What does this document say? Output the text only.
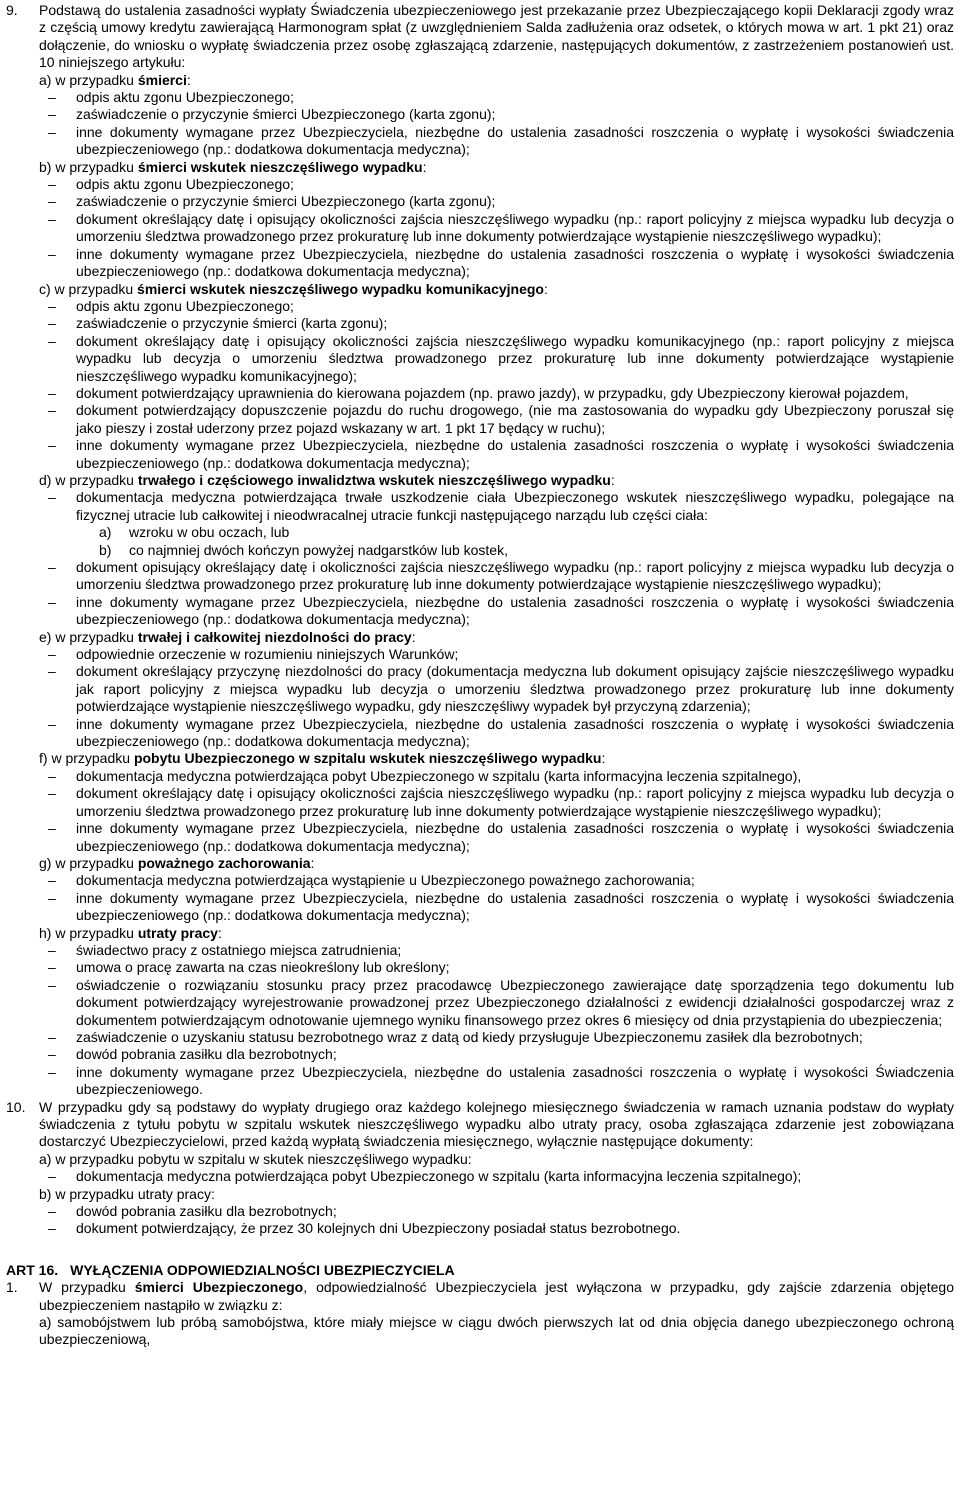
9. Podstawą do ustalenia zasadności wypłaty Świadczenia ubezpieczeniowego jest przekazanie przez Ubezpieczającego kopii Deklaracji zgody wraz z częścią umowy kredytu zawierającą Harmonogram spłat (z uwzględnieniem Salda zadłużenia oraz odsetek, o których mowa w art. 1 pkt 21) oraz dołączenie, do wniosku o wypłatę świadczenia przez osobę zgłaszającą zdarzenie, następujących dokumentów, z zastrzeżeniem postanowień ust. 10 niniejszego artykułu:
a) w przypadku śmierci:
– odpis aktu zgonu Ubezpieczonego;
– zaświadczenie o przyczynie śmierci Ubezpieczonego (karta zgonu);
– inne dokumenty wymagane przez Ubezpieczyciela, niezbędne do ustalenia zasadności roszczenia o wypłatę i wysokości świadczenia ubezpieczeniowego (np.: dodatkowa dokumentacja medyczna);
b) w przypadku śmierci wskutek nieszczęśliwego wypadku:
– odpis aktu zgonu Ubezpieczonego;
– zaświadczenie o przyczynie śmierci Ubezpieczonego (karta zgonu);
– dokument określający datę i opisujący okoliczności zajścia nieszczęśliwego wypadku (np.: raport policyjny z miejsca wypadku lub decyzja o umorzeniu śledztwa prowadzonego przez prokuraturę lub inne dokumenty potwierdzające wystąpienie nieszczęśliwego wypadku);
– inne dokumenty wymagane przez Ubezpieczyciela, niezbędne do ustalenia zasadności roszczenia o wypłatę i wysokości świadczenia ubezpieczeniowego (np.: dodatkowa dokumentacja medyczna);
c) w przypadku śmierci wskutek nieszczęśliwego wypadku komunikacyjnego:
– odpis aktu zgonu Ubezpieczonego;
– zaświadczenie o przyczynie śmierci (karta zgonu);
– dokument określający datę i opisujący okoliczności zajścia nieszczęśliwego wypadku komunikacyjnego (np.: raport policyjny z miejsca wypadku lub decyzja o umorzeniu śledztwa prowadzonego przez prokuraturę lub inne dokumenty potwierdzające wystąpienie nieszczęśliwego wypadku komunikacyjnego);
– dokument potwierdzający uprawnienia do kierowana pojazdem (np. prawo jazdy), w przypadku, gdy Ubezpieczony kierował pojazdem,
– dokument potwierdzający dopuszczenie pojazdu do ruchu drogowego, (nie ma zastosowania do wypadku gdy Ubezpieczony poruszał się jako pieszy i został uderzony przez pojazd wskazany w art. 1 pkt 17 będący w ruchu);
– inne dokumenty wymagane przez Ubezpieczyciela, niezbędne do ustalenia zasadności roszczenia o wypłatę i wysokości świadczenia ubezpieczeniowego (np.: dodatkowa dokumentacja medyczna);
d) w przypadku trwałego i częściowego inwalidztwa wskutek nieszczęśliwego wypadku:
– dokumentacja medyczna potwierdzająca trwałe uszkodzenie ciała Ubezpieczonego wskutek nieszczęśliwego wypadku, polegające na fizycznej utracie lub całkowitej i nieodwracalnej utracie funkcji następującego narządu lub części ciała:
a) wzroku w obu oczach, lub
b) co najmniej dwóch kończyn powyżej nadgarstków lub kostek,
– dokument opisujący określający datę i okoliczności zajścia nieszczęśliwego wypadku (np.: raport policyjny z miejsca wypadku lub decyzja o umorzeniu śledztwa prowadzonego przez prokuraturę lub inne dokumenty potwierdzające wystąpienie nieszczęśliwego wypadku);
– inne dokumenty wymagane przez Ubezpieczyciela, niezbędne do ustalenia zasadności roszczenia o wypłatę i wysokości świadczenia ubezpieczeniowego (np.: dodatkowa dokumentacja medyczna);
e) w przypadku trwałej i całkowitej niezdolności do pracy:
– odpowiednie orzeczenie w rozumieniu niniejszych Warunków;
– dokument określający przyczynę niezdolności do pracy (dokumentacja medyczna lub dokument opisujący zajście nieszczęśliwego wypadku jak raport policyjny z miejsca wypadku lub decyzja o umorzeniu śledztwa prowadzonego przez prokuraturę lub inne dokumenty potwierdzające wystąpienie nieszczęśliwego wypadku, gdy nieszczęśliwy wypadek był przyczyną zdarzenia);
– inne dokumenty wymagane przez Ubezpieczyciela, niezbędne do ustalenia zasadności roszczenia o wypłatę i wysokości świadczenia ubezpieczeniowego (np.: dodatkowa dokumentacja medyczna);
f) w przypadku pobytu Ubezpieczonego w szpitalu wskutek nieszczęśliwego wypadku:
– dokumentacja medyczna potwierdzająca pobyt Ubezpieczonego w szpitalu (karta informacyjna leczenia szpitalnego),
– dokument określający datę i opisujący okoliczności zajścia nieszczęśliwego wypadku (np.: raport policyjny z miejsca wypadku lub decyzja o umorzeniu śledztwa prowadzonego przez prokuraturę lub inne dokumenty potwierdzające wystąpienie nieszczęśliwego wypadku);
– inne dokumenty wymagane przez Ubezpieczyciela, niezbędne do ustalenia zasadności roszczenia o wypłatę i wysokości świadczenia ubezpieczeniowego (np.: dodatkowa dokumentacja medyczna);
g) w przypadku poważnego zachorowania:
– dokumentacja medyczna potwierdzająca wystąpienie u Ubezpieczonego poważnego zachorowania;
– inne dokumenty wymagane przez Ubezpieczyciela, niezbędne do ustalenia zasadności roszczenia o wypłatę i wysokości świadczenia ubezpieczeniowego (np.: dodatkowa dokumentacja medyczna);
h) w przypadku utraty pracy:
– świadectwo pracy z ostatniego miejsca zatrudnienia;
– umowa o pracę zawarta na czas nieokreślony lub określony;
– oświadczenie o rozwiązaniu stosunku pracy przez pracodawcę Ubezpieczonego zawierające datę sporządzenia tego dokumentu lub dokument potwierdzający wyrejestrowanie prowadzonej przez Ubezpieczonego działalności z ewidencji działalności gospodarczej wraz z dokumentem potwierdzającym odnotowanie ujemnego wyniku finansowego przez okres 6 miesięcy od dnia przystąpienia do ubezpieczenia;
– zaświadczenie o uzyskaniu statusu bezrobotnego wraz z datą od kiedy przysługuje Ubezpieczonemu zasiłek dla bezrobotnych;
– dowód pobrania zasiłku dla bezrobotnych;
– inne dokumenty wymagane przez Ubezpieczyciela, niezbędne do ustalenia zasadności roszczenia o wypłatę i wysokości Świadczenia ubezpieczeniowego.
10. W przypadku gdy są podstawy do wypłaty drugiego oraz każdego kolejnego miesięcznego świadczenia w ramach uznania podstaw do wypłaty świadczenia z tytułu pobytu w szpitalu wskutek nieszczęśliwego wypadku albo utraty pracy, osoba zgłaszająca zdarzenie jest zobowiązana dostarczyć Ubezpieczycielowi, przed każdą wypłatą świadczenia miesięcznego, wyłącznie następujące dokumenty:
a) w przypadku pobytu w szpitalu w skutek nieszczęśliwego wypadku:
– dokumentacja medyczna potwierdzająca pobyt Ubezpieczonego w szpitalu (karta informacyjna leczenia szpitalnego);
b) w przypadku utraty pracy:
– dowód pobrania zasiłku dla bezrobotnych;
– dokument potwierdzający, że przez 30 kolejnych dni Ubezpieczony posiadał status bezrobotnego.
ART 16. WYŁĄCZENIA ODPOWIEDZIALNOŚCI UBEZPIECZYCIELA
1. W przypadku śmierci Ubezpieczonego, odpowiedzialność Ubezpieczyciela jest wyłączona w przypadku, gdy zajście zdarzenia objętego ubezpieczeniem nastąpiło w związku z:
a) samobójstwem lub próbą samobójstwa, które miały miejsce w ciągu dwóch pierwszych lat od dnia objęcia danego ubezpieczonego ochroną ubezpieczeniową,
